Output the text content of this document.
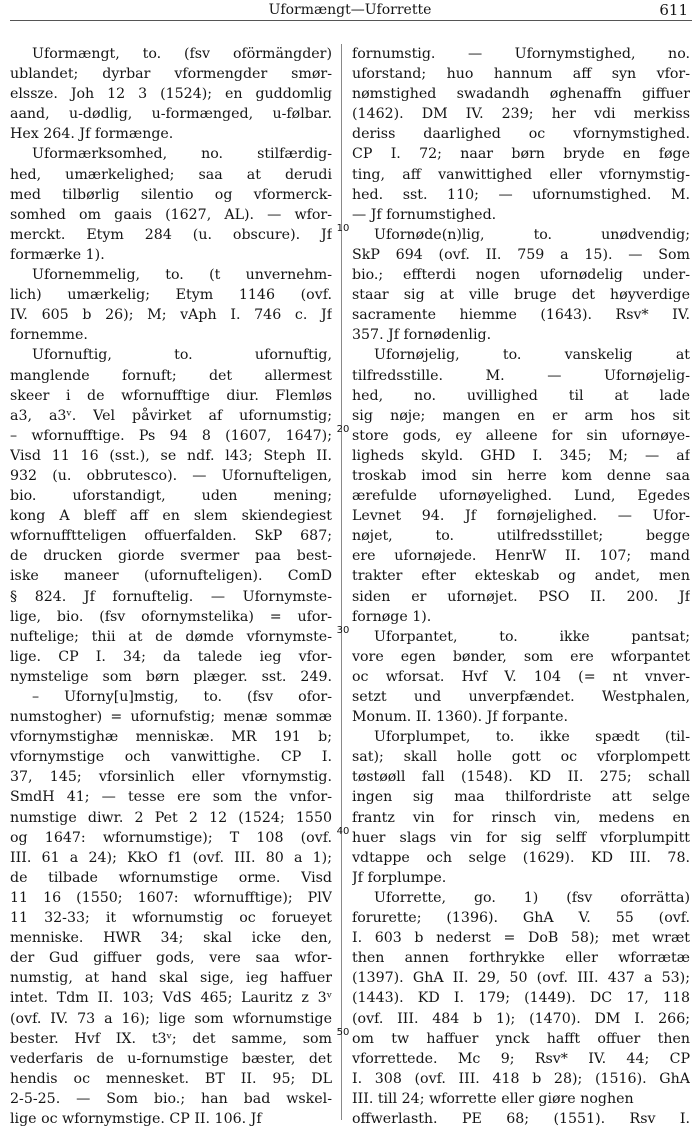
Uformængt—Uforrette	611
10
20
30
40
50
Uformængt, to. (fsv oförmängder)
ublandet; dyrbar vformengder smør-
elssze. Joh 12 3 (1524); en guddomlig
aand, u-dødlig, u-formænged, u-følbar.
Hex 264. Jf formænge.
Uformærksomhed, no. stilfærdig-
hed, umærkelighed; saa at derudi
med tilbørlig silentio og vformerck-
somhed om gaais (1627, AL). — wfor-
merckt. Etym 284 (u. obscure). Jf
formærke 1).
Ufornemmelig, to. (t unvernehm-
lich) umærkelig; Etym 1146 (ovf.
IV. 605 b 26); M; vAph I. 746 c. Jf
fornemme.
Ufornuftig, to. ufornuftig,
manglende fornuft; det allermest
skeer i de wfornufftige diur. Flemløs
a3, a3ᵛ. Vel påvirket af ufornumstig;
– wfornufftige. Ps 94 8 (1607, 1647);
Visd 11 16 (sst.), se ndf. l43; Steph II.
932 (u. obbrutesco). — Ufornufteligen,
bio. uforstandigt, uden mening;
kong A bleff aff en slem skiendegiest
wfornufftteligen offuerfalden. SkP 687;
de drucken giorde svermer paa best-
iske maneer (ufornufteligen). ComD
§ 824. Jf fornuftelig. — Ufornymste-
lige, bio. (fsv ofornymstelika) = ufor-
nuftelige; thii at de dømde vfornymste-
lige. CP I. 34; da talede ieg vfor-
nymstelige som børn plæger. sst. 249.
– Uforny[u]mstig, to. (fsv ofor-
numstogher) = ufornufstig; menæ sommæ
vfornymstighæ menniskæ. MR 191 b;
vfornymstige och vanwittighe. CP I.
37, 145; vforsinlich eller vfornymstig.
SmdH 41; — tesse ere som the vnfor-
numstige diwr. 2 Pet 2 12 (1524; 1550
og 1647: wfornumstige); T 108 (ovf.
III. 61 a 24); KkO f1 (ovf. III. 80 a 1);
de tilbade wfornumstige orme. Visd
11 16 (1550; 1607: wfornufftige); PlV
11 32-33; it wfornumstig oc forueyet
menniske. HWR 34; skal icke den,
der Gud giffuer gods, vere saa wfor-
numstig, at hand skal sige, ieg haffuer
intet. Tdm II. 103; VdS 465; Lauritz z 3ᵛ
(ovf. IV. 73 a 16); lige som wfornumstige
bester. Hvf IX. t3ᵛ; det samme, som
vederfaris de u-fornumstige bæster, det
hendis oc mennesket. BT II. 95; DL
2-5-25. — Som bio.; han bad wskel-
lige oc wfornymstige. CP II. 106. Jf
fornumstig. — Ufornymstighed, no.
uforstand; huo hannum aff syn vfor-
nømstighed swadandh øghenaffn giffuer
(1462). DM IV. 239; her vdi merkiss
deriss daarlighed oc vfornymstighed.
CP I. 72; naar børn bryde en føge
ting, aff vanwittighed eller vfornymstig-
hed. sst. 110; — ufornumstighed. M.
— Jf fornumstighed.
Ufornøde(n)lig, to. unødvendig;
SkP 694 (ovf. II. 759 a 15). — Som
bio.; effterdi nogen ufornødelig under-
staar sig at ville bruge det høyverdige
sacramente hiemme (1643). Rsv* IV.
357. Jf fornødenlig.
Ufornøjelig, to. vanskelig at
tilfredsstille. M. — Ufornøjelig-
hed, no. uvillighed til at lade
sig nøje; mangen en er arm hos sit
store gods, ey alleene for sin ufornøye-
ligheds skyld. GHD I. 345; M; — af
troskab imod sin herre kom denne saa
ærefulde ufornøyelighed. Lund, Egedes
Levnet 94. Jf fornøjelighed. — Ufor-
nøjet, to. utilfredsstillet; begge
ere ufornøjede. HenrW II. 107; mand
trakter efter ekteskab og andet, men
siden er ufornøjet. PSO II. 200. Jf
fornøge 1).
Uforpantet, to. ikke pantsat;
vore egen bønder, som ere wforpantet
oc wforsat. Hvf V. 104 (= nt vnver-
setzt und unverpfændet. Westphalen,
Monum. II. 1360). Jf forpante.
Uforplumpet, to. ikke spædt (til-
sat); skall holle gott oc vforplompett
tøstøøll fall (1548). KD II. 275; schall
ingen sig maa thilfordriste att selge
frantz vin for rinsch vin, medens en
huer slags vin for sig selff vforplumpitt
vdtappe och selge (1629). KD III. 78.
Jf forplumpe.
Uforrette, go. 1) (fsv oforrätta)
forurette; (1396). GhA V. 55 (ovf.
I. 603 b nederst = DoB 58); met wræt
then annen forthrykke eller wforrætæ
(1397). GhA II. 29, 50 (ovf. III. 437 a 53);
(1443). KD I. 179; (1449). DC 17, 118
(ovf. III. 484 b 1); (1470). DM I. 266;
om tw haffuer ynck hafft offuer then
vforrettede. Mc 9; Rsv* IV. 44; CP
I. 308 (ovf. III. 418 b 28); (1516). GhA
III. till 24; wforrette eller giøre noghen
offwerlasth. PE 68; (1551). Rsv I.
